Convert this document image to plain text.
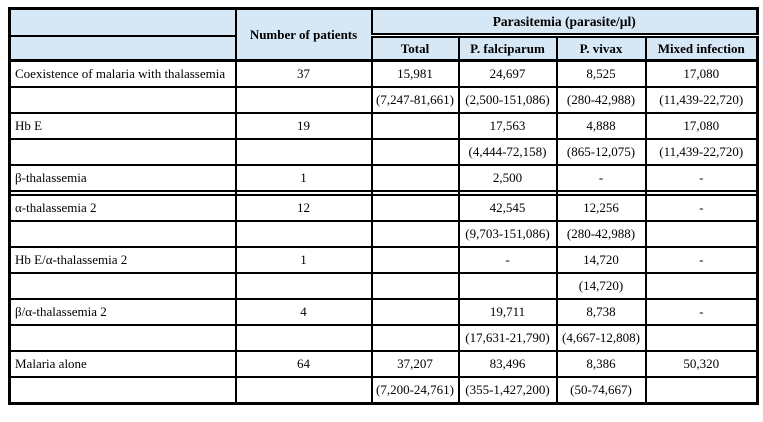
	Number of patients	Parasitemia (parasite/µl)			
		Total	P. falciparum	P. vivax	Mixed infection
Coexistence of malaria with thalassemia	37	15,981	24,697	8,525	17,080
		(7,247-81,661)	(2,500-151,086)	(280-42,988)	(11,439-22,720)
Hb E	19		17,563	4,888	17,080
			(4,444-72,158)	(865-12,075)	(11,439-22,720)
β-thalassemia	1		2,500	-	-

α-thalassemia 2	12		42,545	12,256	-
			(9,703-151,086)	(280-42,988)	
Hb E/α-thalassemia 2	1		-	14,720	-
				(14,720)	
β/α-thalassemia 2	4		19,711	8,738	-
			(17,631-21,790)	(4,667-12,808)	
Malaria alone	64	37,207	83,496	8,386	50,320
		(7,200-24,761)	(355-1,427,200)	(50-74,667)	
